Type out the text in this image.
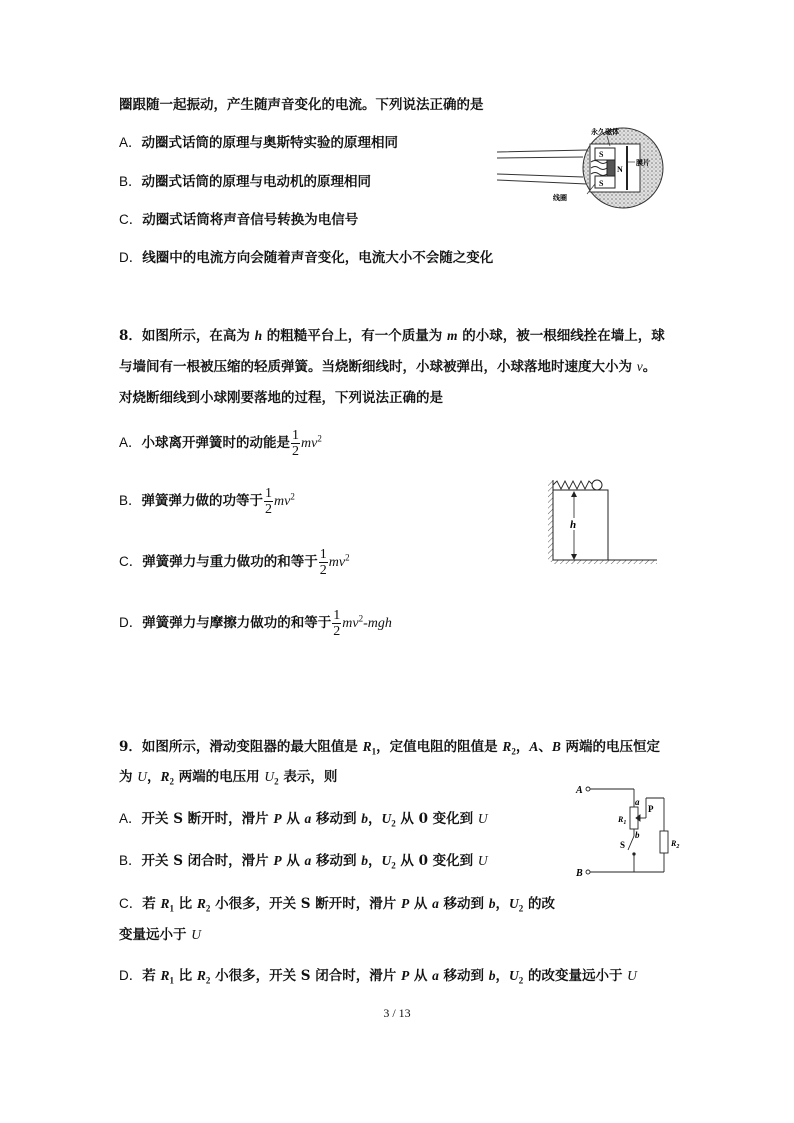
圈跟随一起振动，产生随声音变化的电流。下列说法正确的是
A．动圈式话筒的原理与奥斯特实验的原理相同
B．动圈式话筒的原理与电动机的原理相同
C．动圈式话筒将声音信号转换为电信号
D．线圈中的电流方向会随着声音变化，电流大小不会随之变化
S
N
S
永久磁体
膜片
线圈
8．如图所示，在高为 h 的粗糙平台上，有一个质量为 m 的小球，被一根细线拴在墙上，球
与墙间有一根被压缩的轻质弹簧。当烧断细线时，小球被弹出，小球落地时速度大小为 v。
对烧断细线到小球刚要落地的过程，下列说法正确的是
A．小球离开弹簧时的动能是 $\frac{1}{2} mv^2$
B．弹簧弹力做的功等于 $\frac{1}{2} mv^2$
C．弹簧弹力与重力做功的和等于 $\frac{1}{2} mv^2$
D．弹簧弹力与摩擦力做功的和等于 $\frac{1}{2} mv^2-mgh$
h
9．如图所示，滑动变阻器的最大阻值是 $R_1$，定值电阻的阻值是 $R_2$，A、B 两端的电压恒定
为 U，$R_2$ 两端的电压用 $U_2$ 表示，则
A．开关 S 断开时，滑片 P 从 a 移动到 b，$U_2$ 从 0 变化到 U
B．开关 S 闭合时，滑片 P 从 a 移动到 b，$U_2$ 从 0 变化到 U
C．若 $R_1$ 比 $R_2$ 小很多，开关 S 断开时，滑片 P 从 a 移动到 b，$U_2$ 的改
变量远小于 U
D．若 $R_1$ 比 $R_2$ 小很多，开关 S 闭合时，滑片 P 从 a 移动到 b，$U_2$ 的改变量远小于 U
A
B
a
b
P
$R_1$
$R_2$
S
3 / 13
